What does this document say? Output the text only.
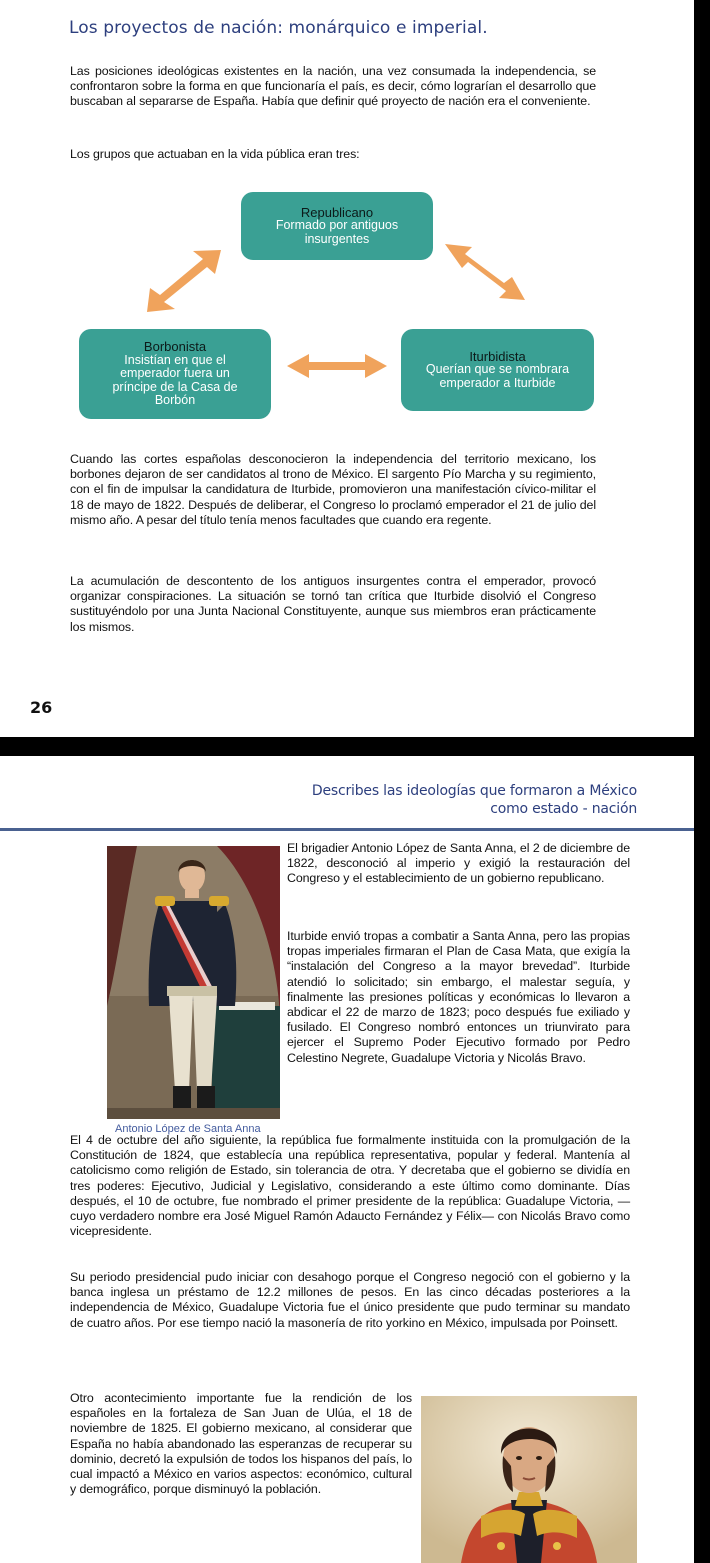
Los proyectos de nación: monárquico e imperial.

Las posiciones ideológicas existentes en la nación, una vez consumada la independencia, se confrontaron sobre la forma en que funcionaría el país, es decir, cómo lograrían el desarrollo que buscaban al separarse de España. Había que definir qué proyecto de nación era el conveniente.

Los grupos que actuaban en la vida pública eran tres:

Republicano
Formado por antiguos insurgentes
Borbonista
Insistían en que el emperador fuera un príncipe de la Casa de Borbón
Iturbidista
Querían que se nombrara emperador a Iturbide

Cuando las cortes españolas desconocieron la independencia del territorio mexicano, los borbones dejaron de ser candidatos al trono de México. El sargento Pío Marcha y su regimiento, con el fin de impulsar la candidatura de Iturbide, promovieron una manifestación cívico-militar el 18 de mayo de 1822. Después de deliberar, el Congreso lo proclamó emperador el 21 de julio del mismo año. A pesar del título tenía menos facultades que cuando era regente.

La acumulación de descontento de los antiguos insurgentes contra el emperador, provocó organizar conspiraciones. La situación se tornó tan crítica que Iturbide disolvió el Congreso sustituyéndolo por una Junta Nacional Constituyente, aunque sus miembros eran prácticamente los mismos.

26
Describes las ideologías que formaron a México
como estado - nación
Antonio López de Santa Anna

El brigadier Antonio López de Santa Anna, el 2 de diciembre de 1822, desconoció al imperio y exigió la restauración del Congreso y el establecimiento de un gobierno republicano.

Iturbide envió tropas a combatir a Santa Anna, pero las propias tropas imperiales firmaran el Plan de Casa Mata, que exigía la “instalación del Congreso a la mayor brevedad”. Iturbide atendió lo solicitado; sin embargo, el malestar seguía, y finalmente las presiones políticas y económicas lo llevaron a abdicar el 22 de marzo de 1823; poco después fue exiliado y fusilado. El Congreso nombró entonces un triunvirato para ejercer el Supremo Poder Ejecutivo formado por Pedro Celestino Negrete, Guadalupe Victoria y Nicolás Bravo.

El 4 de octubre del año siguiente, la república fue formalmente instituida con la promulgación de la Constitución de 1824, que establecía una república representativa, popular y federal. Mantenía al catolicismo como religión de Estado, sin tolerancia de otra. Y decretaba que el gobierno se dividía en tres poderes: Ejecutivo, Judicial y Legislativo, considerando a este último como dominante. Días después, el 10 de octubre, fue nombrado el primer presidente de la república: Guadalupe Victoria, —cuyo verdadero nombre era José Miguel Ramón Adaucto Fernández y Félix— con Nicolás Bravo como vicepresidente.

Su periodo presidencial pudo iniciar con desahogo porque el Congreso negoció con el gobierno y la banca inglesa un préstamo de 12.2 millones de pesos. En las cinco décadas posteriores a la independencia de México, Guadalupe Victoria fue el único presidente que pudo terminar su mandato de cuatro años. Por ese tiempo nació la masonería de rito yorkino en México, impulsada por Poinsett.

Otro acontecimiento importante fue la rendición de los españoles en la fortaleza de San Juan de Ulúa, el 18 de noviembre de 1825. El gobierno mexicano, al considerar que España no había abandonado las esperanzas de recuperar su dominio, decretó la expulsión de todos los hispanos del país, lo cual impactó a México en varios aspectos: económico, cultural y demográfico, porque disminuyó la población.
